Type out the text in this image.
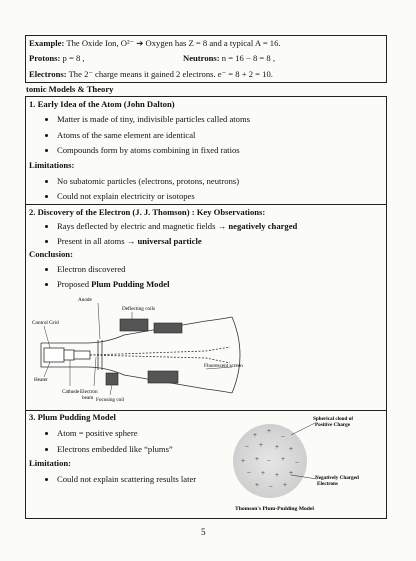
Example: The Oxide Ion, O²⁻ ➔ Oxygen has Z = 8 and a typical A = 16.
Protons: p = 8 ,	Neutrons: n = 16 − 8 = 8 ,
Electrons: The 2⁻ charge means it gained 2 electrons. e⁻ = 8 + 2 = 10.
tomic Models & Theory
1. Early Idea of the Atom (John Dalton)
Matter is made of tiny, indivisible particles called atoms
Atoms of the same element are identical
Compounds form by atoms combining in fixed ratios
Limitations:
No subatomic particles (electrons, protons, neutrons)
Could not explain electricity or isotopes
2. Discovery of the Electron (J. J. Thomson) : Key Observations:
Rays deflected by electric and magnetic fields → negatively charged
Present in all atoms → universal particle
Conclusion:
Electron discovered
Proposed Plum Pudding Model
Anode
Deflecting coils
Control Grid
Fluorescent screen
Heater
Cathode Electron
beam Focusing coil
3. Plum Pudding Model
Atom = positive sphere
Electrons embedded like “plums”
Limitation:
Could not explain scattering results later
+ +
−
− + + +
+ + − + −
− + + +
+ − +
Spherical cloud of
Positive Charge
Negatively Charged
Electrons
Thomson's Plum-Pudding Model
5
